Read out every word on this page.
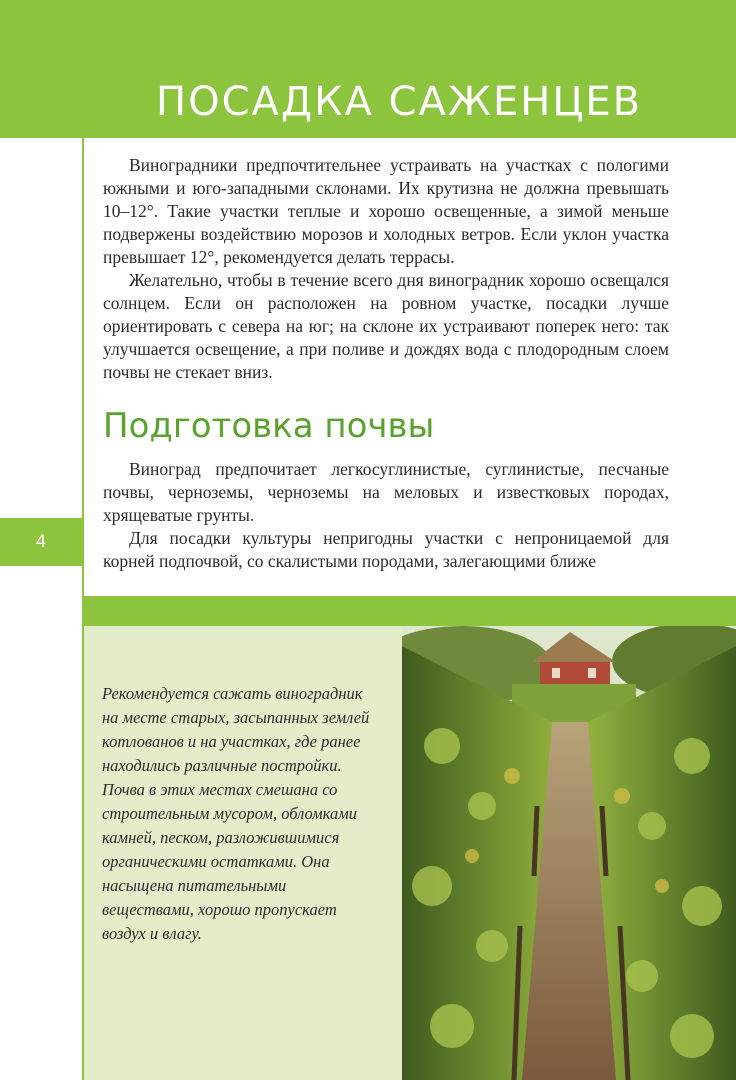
ПОСАДКА САЖЕНЦЕВ
4

Виноградники предпочтительнее устраивать на участках с пологими южными и юго-западными склонами. Их крутизна не должна превышать 10–12°. Такие участки теплые и хорошо освещенные, а зимой меньше подвержены воздействию морозов и холодных ветров. Если уклон участка превышает 12°, рекомендуется делать террасы.

Желательно, чтобы в течение всего дня виноградник хорошо освещался солнцем. Если он расположен на ровном участке, посадки лучше ориентировать с севера на юг; на склоне их устраивают поперек него: так улучшается освещение, а при поливе и дождях вода с плодородным слоем почвы не стекает вниз.

Подготовка почвы

Виноград предпочитает легкосуглинистые, суглинистые, песчаные почвы, черноземы, черноземы на меловых и известковых породах, хрящеватые грунты.

Для посадки культуры непригодны участки с непроницаемой для корней подпочвой, со скалистыми породами, залегающими ближе

Рекомендуется сажать виноградник на месте старых, засыпанных землей котлованов и на участках, где ранее находились различные постройки. Почва в этих местах смешана со строительным мусором, обломками камней, песком, разложившимися органическими остатками. Она насыщена питательными веществами, хорошо пропускает воздух и влагу.
